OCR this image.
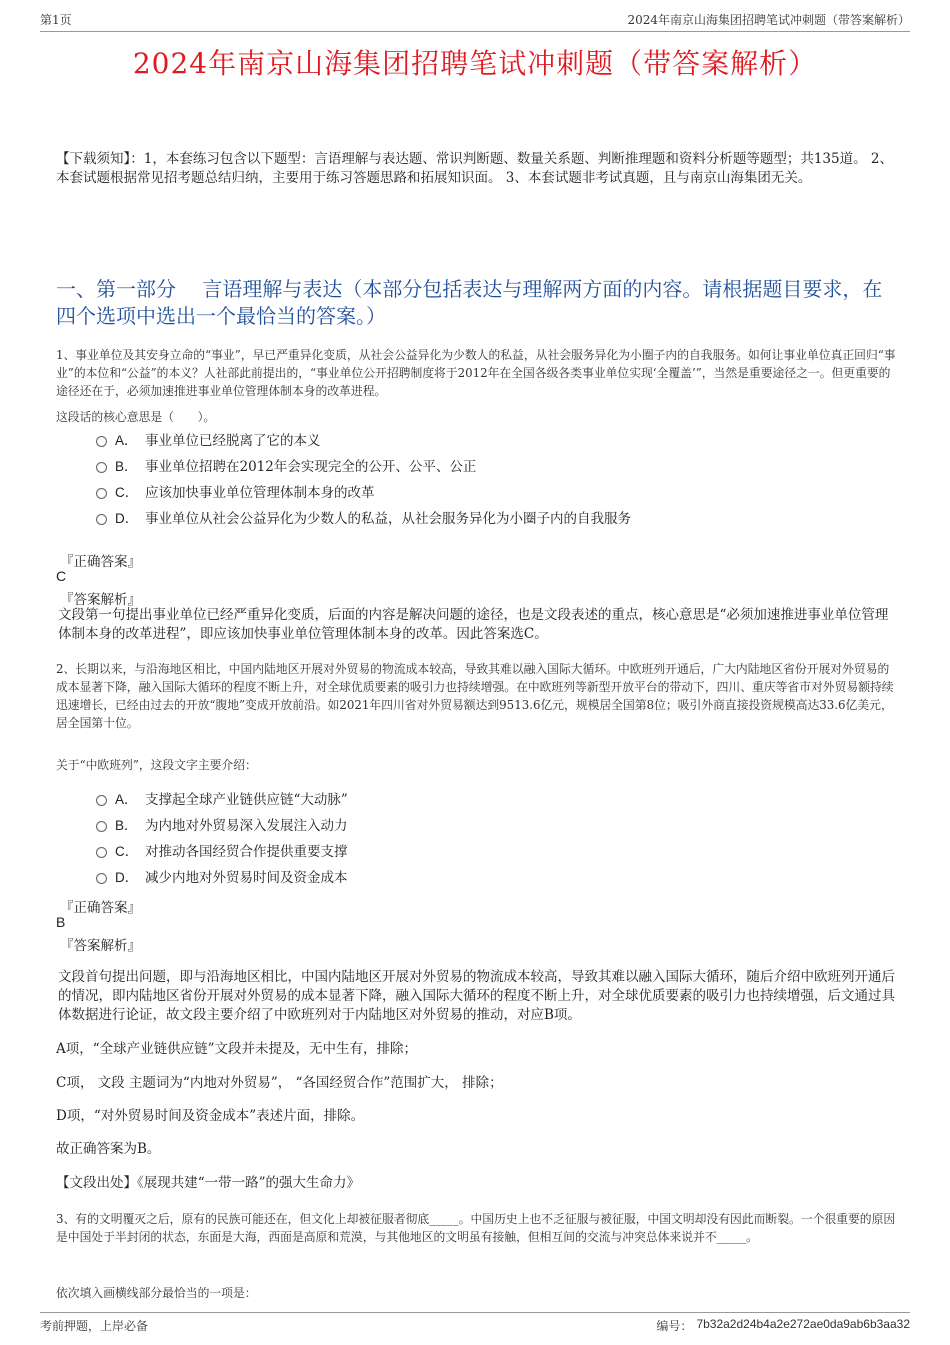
第1页	2024年南京山海集团招聘笔试冲刺题（带答案解析）
2024年南京山海集团招聘笔试冲刺题（带答案解析）
【下载须知】：1，本套练习包含以下题型：言语理解与表达题、常识判断题、数量关系题、判断推理题和资料分析题等题型；共135道。 2、本套试题根据常见招考题总结归纳，主要用于练习答题思路和拓展知识面。 3、本套试题非考试真题，且与南京山海集团无关。
一、第一部分　 言语理解与表达（本部分包括表达与理解两方面的内容。请根据题目要求，在四个选项中选出一个最恰当的答案。）
1、事业单位及其安身立命的“事业”，早已严重异化变质，从社会公益异化为少数人的私益，从社会服务异化为小圈子内的自我服务。如何让事业单位真正回归“事业”的本位和“公益”的本义？人社部此前提出的，“事业单位公开招聘制度将于2012年在全国各级各类事业单位实现‘全覆盖’”，当然是重要途径之一。但更重要的途径还在于，必须加速推进事业单位管理体制本身的改革进程。
这段话的核心意思是（　　）。
A． 事业单位已经脱离了它的本义
B． 事业单位招聘在2012年会实现完全的公开、公平、公正
C． 应该加快事业单位管理体制本身的改革
D． 事业单位从社会公益异化为少数人的私益，从社会服务异化为小圈子内的自我服务
『正确答案』
C
『答案解析』
文段第一句提出事业单位已经严重异化变质，后面的内容是解决问题的途径，也是文段表述的重点，核心意思是“必须加速推进事业单位管理体制本身的改革进程”，即应该加快事业单位管理体制本身的改革。因此答案选C。
2、长期以来，与沿海地区相比，中国内陆地区开展对外贸易的物流成本较高，导致其难以融入国际大循环。中欧班列开通后，广大内陆地区省份开展对外贸易的成本显著下降，融入国际大循环的程度不断上升，对全球优质要素的吸引力也持续增强。在中欧班列等新型开放平台的带动下，四川、重庆等省市对外贸易额持续迅速增长，已经由过去的开放“腹地”变成开放前沿。如2021年四川省对外贸易额达到9513.6亿元，规模居全国第8位；吸引外商直接投资规模高达33.6亿美元，居全国第十位。
关于“中欧班列”，这段文字主要介绍：
A． 支撑起全球产业链供应链“大动脉”
B． 为内地对外贸易深入发展注入动力
C． 对推动各国经贸合作提供重要支撑
D． 减少内地对外贸易时间及资金成本
『正确答案』
B
『答案解析』
文段首句提出问题，即与沿海地区相比，中国内陆地区开展对外贸易的物流成本较高，导致其难以融入国际大循环，随后介绍中欧班列开通后的情况，即内陆地区省份开展对外贸易的成本显著下降，融入国际大循环的程度不断上升，对全球优质要素的吸引力也持续增强，后文通过具体数据进行论证，故文段主要介绍了中欧班列对于内陆地区对外贸易的推动，对应B项。
A项，“全球产业链供应链”文段并未提及，无中生有，排除；
C项， 文段 主题词为“内地对外贸易”， “各国经贸合作”范围扩大， 排除；
D项，“对外贸易时间及资金成本”表述片面，排除。
故正确答案为B。
【文段出处】《展现共建“一带一路”的强大生命力》
3、有的文明覆灭之后，原有的民族可能还在，但文化上却被征服者彻底_____。中国历史上也不乏征服与被征服，中国文明却没有因此而断裂。一个很重要的原因是中国处于半封闭的状态，东面是大海，西面是高原和荒漠，与其他地区的文明虽有接触，但相互间的交流与冲突总体来说并不_____。
依次填入画横线部分最恰当的一项是：
考前押题，上岸必备	编号： 7b32a2d24b4a2e272ae0da9ab6b3aa32
